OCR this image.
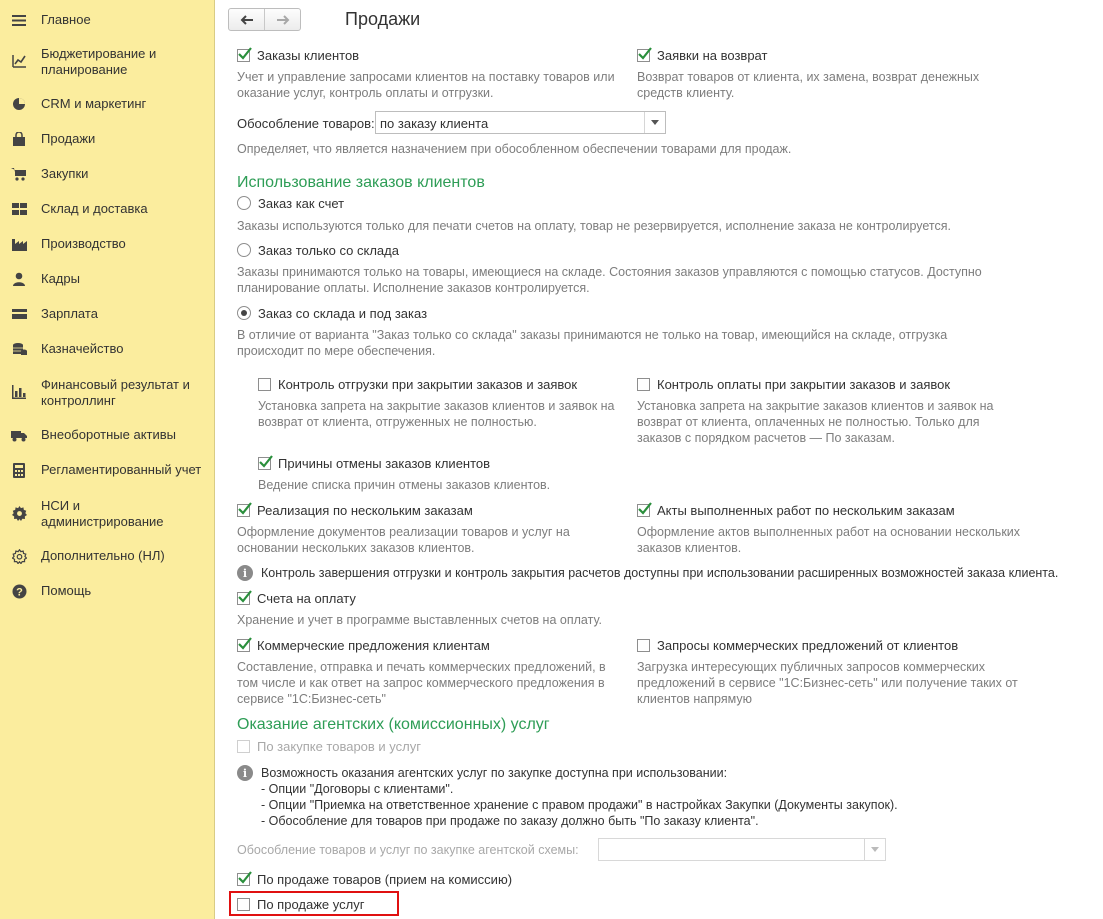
Главное
Бюджетирование и планирование
CRM и маркетинг
Продажи
Закупки
Склад и доставка
Производство
Кадры
Зарплата
Казначейство
Финансовый результат и контроллинг
Внеоборотные активы
Регламентированный учет
НСИ и администрирование
Дополнительно (НЛ)
? Помощь
Продажи
Заказы клиентов
Учет и управление запросами клиентов на поставку товаров или оказание услуг, контроль оплаты и отгрузки.
Заявки на возврат
Возврат товаров от клиента, их замена, возврат денежных средств клиенту.
Обособление товаров: по заказу клиента
Определяет, что является назначением при обособленном обеспечении товарами для продаж.
Использование заказов клиентов
Заказ как счет
Заказы используются только для печати счетов на оплату, товар не резервируется, исполнение заказа не контролируется.
Заказ только со склада
Заказы принимаются только на товары, имеющиеся на складе. Состояния заказов управляются с помощью статусов. Доступно планирование оплаты. Исполнение заказов контролируется.
Заказ со склада и под заказ
В отличие от варианта "Заказ только со склада" заказы принимаются не только на товар, имеющийся на складе, отгрузка происходит по мере обеспечения.
Контроль отгрузки при закрытии заказов и заявок
Установка запрета на закрытие заказов клиентов и заявок на возврат от клиента, отгруженных не полностью.
Контроль оплаты при закрытии заказов и заявок
Установка запрета на закрытие заказов клиентов и заявок на возврат от клиента, оплаченных не полностью. Только для заказов с порядком расчетов — По заказам.
Причины отмены заказов клиентов
Ведение списка причин отмены заказов клиентов.
Реализация по нескольким заказам
Оформление документов реализации товаров и услуг на основании нескольких заказов клиентов.
Акты выполненных работ по нескольким заказам
Оформление актов выполненных работ на основании нескольких заказов клиентов.
i	Контроль завершения отгрузки и контроль закрытия расчетов доступны при использовании расширенных возможностей заказа клиента.
Счета на оплату
Хранение и учет в программе выставленных счетов на оплату.
Коммерческие предложения клиентам
Составление, отправка и печать коммерческих предложений, в том числе и как ответ на запрос коммерческого предложения в сервисе "1С:Бизнес-сеть"
Запросы коммерческих предложений от клиентов
Загрузка интересующих публичных запросов коммерческих предложений в сервисе "1С:Бизнес-сеть" или получение таких от клиентов напрямую
Оказание агентских (комиссионных) услуг
По закупке товаров и услуг
i	Возможность оказания агентских услуг по закупке доступна при использовании:
- Опции "Договоры с клиентами".
- Опции "Приемка на ответственное хранение с правом продажи" в настройках Закупки (Документы закупок).
- Обособление для товаров при продаже по заказу должно быть "По заказу клиента".
Обособление товаров и услуг по закупке агентской схемы:
По продаже товаров (прием на комиссию)
По продаже услуг
